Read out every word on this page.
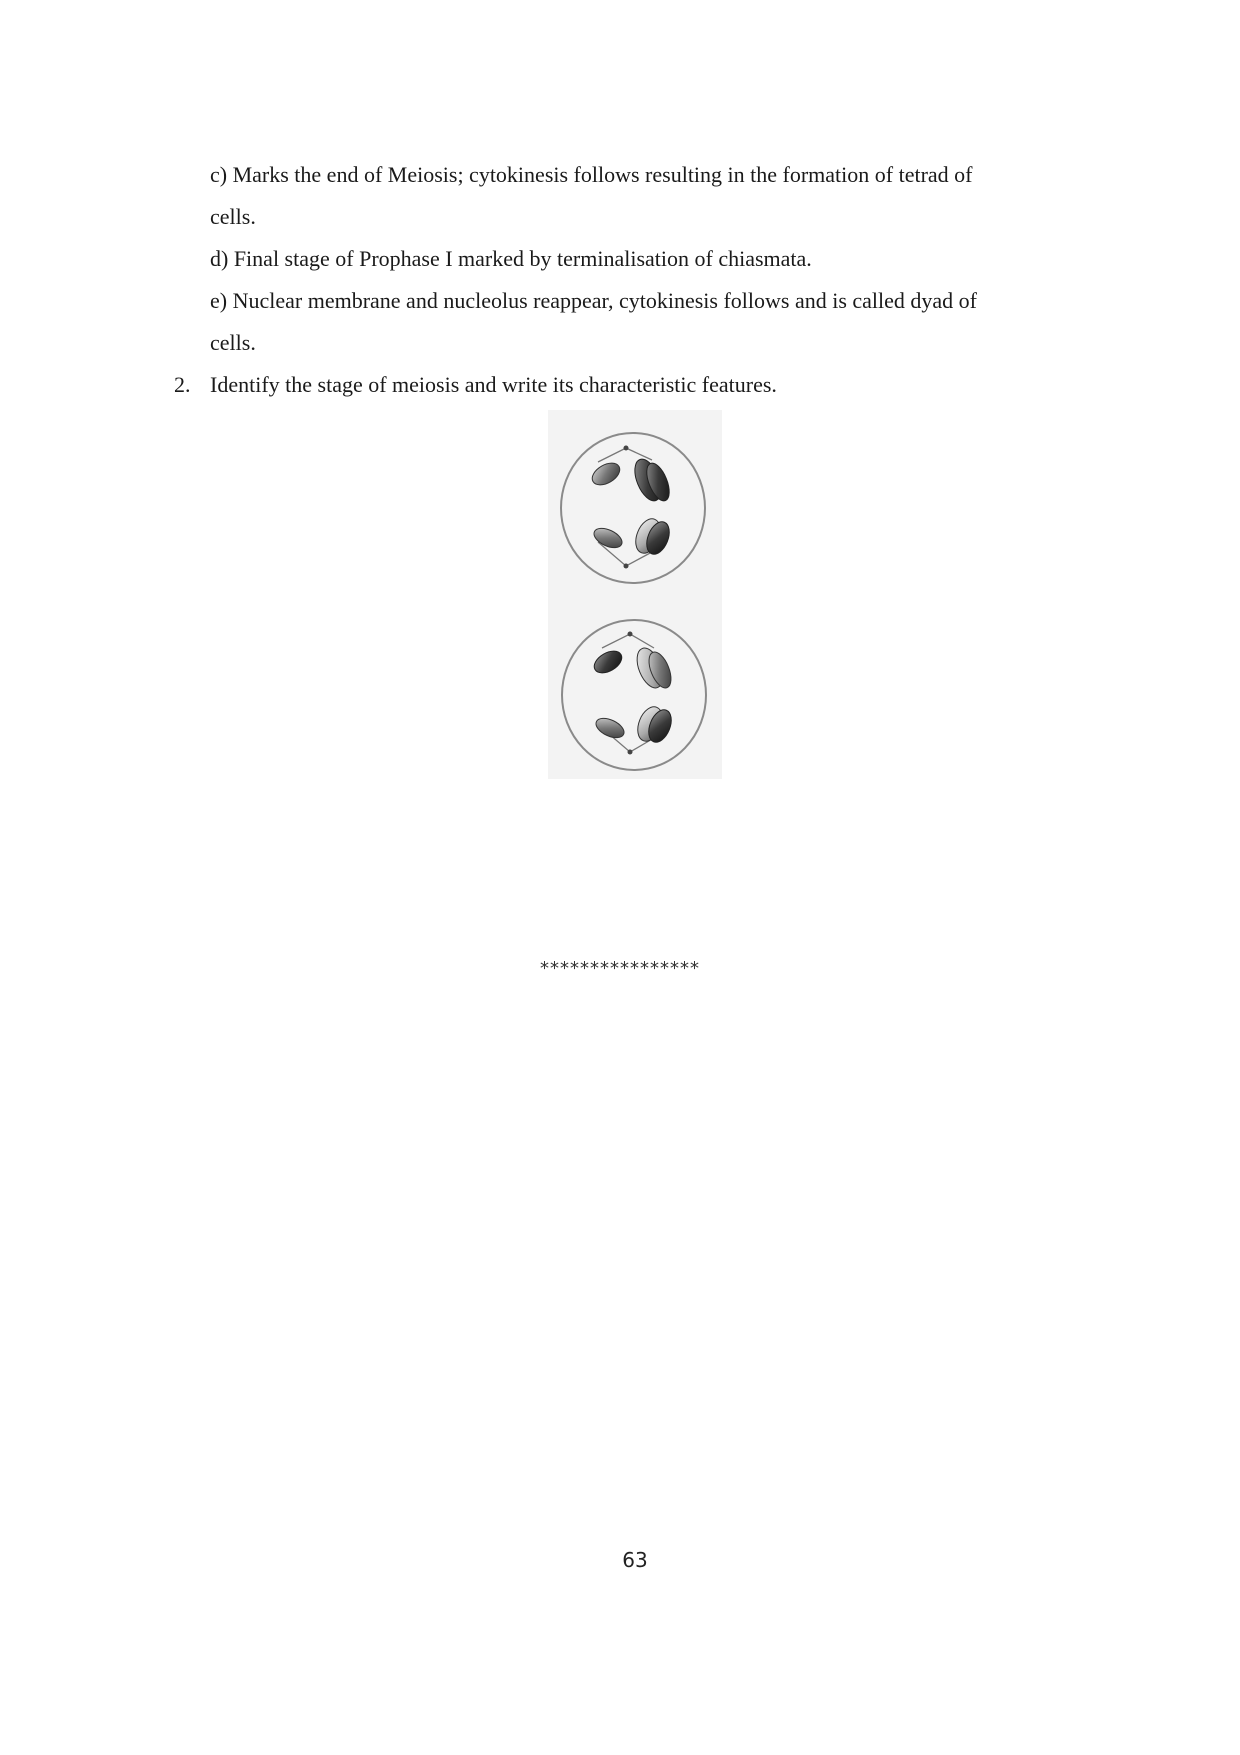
c) Marks the end of Meiosis; cytokinesis follows resulting in the formation of tetrad of
cells.
d) Final stage of Prophase I marked by terminalisation of chiasmata.
e) Nuclear membrane and nucleolus reappear, cytokinesis follows and is called dyad of
cells.
2. Identify the stage of meiosis and write its characteristic features.
****************
63
